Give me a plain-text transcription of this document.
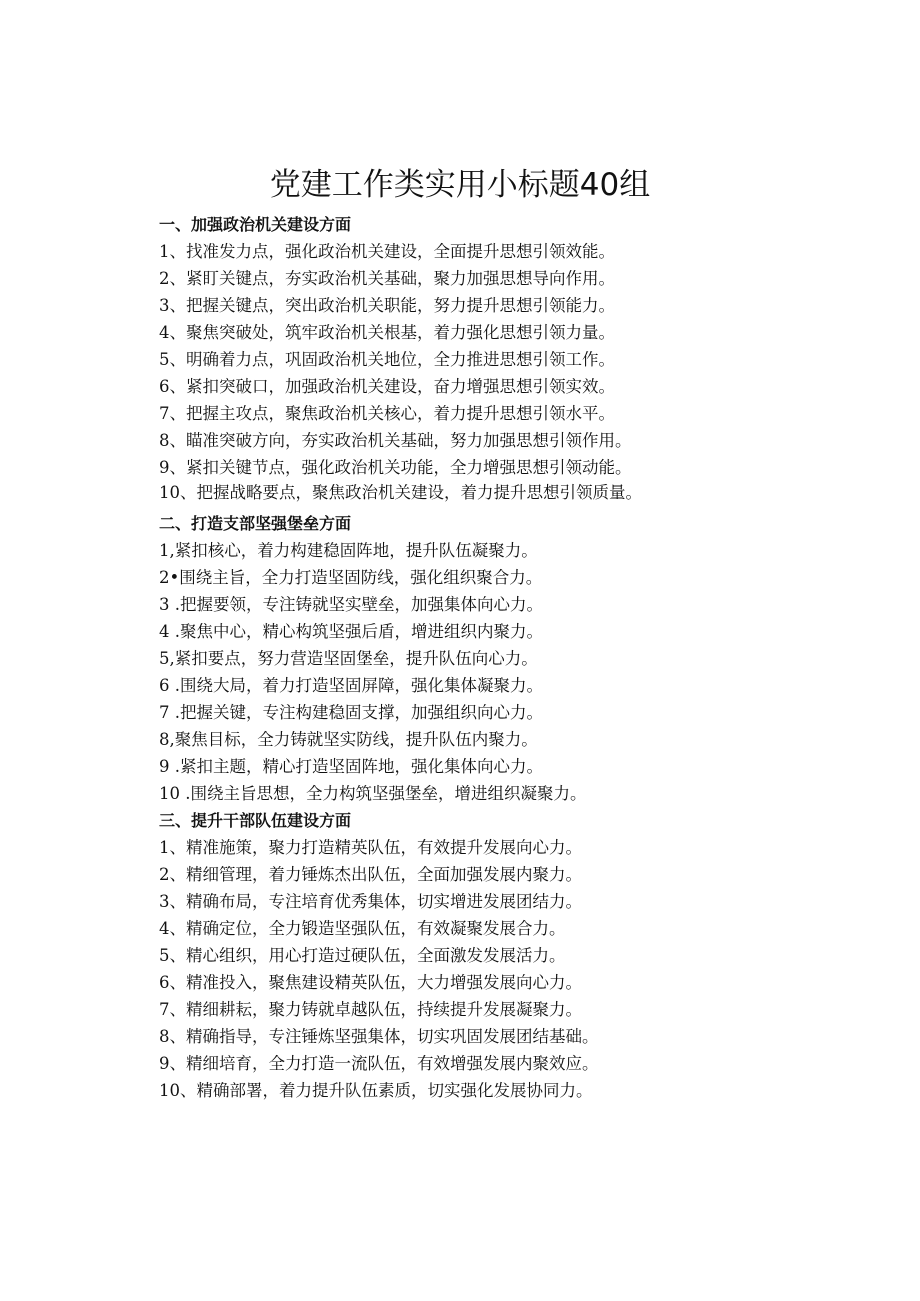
党建工作类实用小标题40组
一、加强政治机关建设方面
1、找准发力点，强化政治机关建设，全面提升思想引领效能。
2、紧盯关键点，夯实政治机关基础，聚力加强思想导向作用。
3、把握关键点，突出政治机关职能，努力提升思想引领能力。
4、聚焦突破处，筑牢政治机关根基，着力强化思想引领力量。
5、明确着力点，巩固政治机关地位，全力推进思想引领工作。
6、紧扣突破口，加强政治机关建设，奋力增强思想引领实效。
7、把握主攻点，聚焦政治机关核心，着力提升思想引领水平。
8、瞄准突破方向，夯实政治机关基础，努力加强思想引领作用。
9、紧扣关键节点，强化政治机关功能，全力增强思想引领动能。
10、把握战略要点，聚焦政治机关建设，着力提升思想引领质量。
二、打造支部坚强堡垒方面
1,紧扣核心，着力构建稳固阵地，提升队伍凝聚力。
2•围绕主旨，全力打造坚固防线，强化组织聚合力。
3 .把握要领，专注铸就坚实壁垒，加强集体向心力。
4 .聚焦中心，精心构筑坚强后盾，增进组织内聚力。
5,紧扣要点，努力营造坚固堡垒，提升队伍向心力。
6 .围绕大局，着力打造坚固屏障，强化集体凝聚力。
7 .把握关键，专注构建稳固支撑，加强组织向心力。
8,聚焦目标，全力铸就坚实防线，提升队伍内聚力。
9 .紧扣主题，精心打造坚固阵地，强化集体向心力。
10 .围绕主旨思想，全力构筑坚强堡垒，增进组织凝聚力。
三、提升干部队伍建设方面
1、精准施策，聚力打造精英队伍，有效提升发展向心力。
2、精细管理，着力锤炼杰出队伍，全面加强发展内聚力。
3、精确布局，专注培育优秀集体，切实增进发展团结力。
4、精确定位，全力锻造坚强队伍，有效凝聚发展合力。
5、精心组织，用心打造过硬队伍，全面激发发展活力。
6、精准投入，聚焦建设精英队伍，大力增强发展向心力。
7、精细耕耘，聚力铸就卓越队伍，持续提升发展凝聚力。
8、精确指导，专注锤炼坚强集体，切实巩固发展团结基础。
9、精细培育，全力打造一流队伍，有效增强发展内聚效应。
10、精确部署，着力提升队伍素质，切实强化发展协同力。
